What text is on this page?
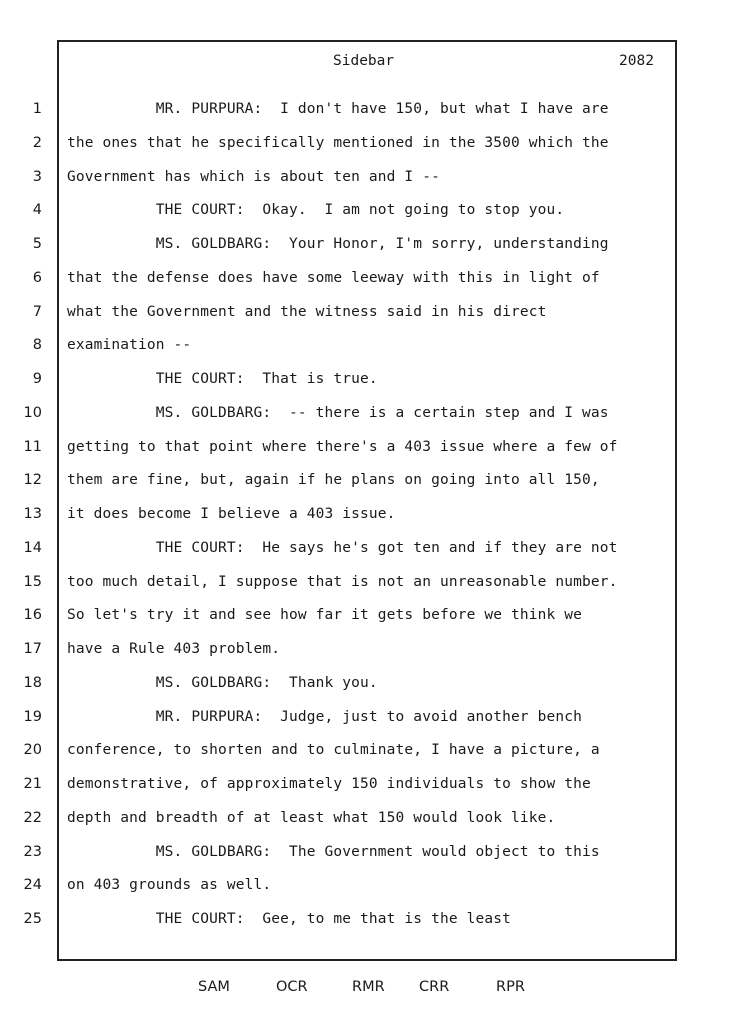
Sidebar	2082
1 MR. PURPURA:  I don't have 150, but what I have are
2 the ones that he specifically mentioned in the 3500 which the
3 Government has which is about ten and I --
4 THE COURT:  Okay.  I am not going to stop you.
5 MS. GOLDBARG:  Your Honor, I'm sorry, understanding
6 that the defense does have some leeway with this in light of
7 what the Government and the witness said in his direct
8 examination --
9 THE COURT:  That is true.
10 MS. GOLDBARG:  -- there is a certain step and I was
11 getting to that point where there's a 403 issue where a few of
12 them are fine, but, again if he plans on going into all 150,
13 it does become I believe a 403 issue.
14 THE COURT:  He says he's got ten and if they are not
15 too much detail, I suppose that is not an unreasonable number.
16 So let's try it and see how far it gets before we think we
17 have a Rule 403 problem.
18 MS. GOLDBARG:  Thank you.
19 MR. PURPURA:  Judge, just to avoid another bench
20 conference, to shorten and to culminate, I have a picture, a
21 demonstrative, of approximately 150 individuals to show the
22 depth and breadth of at least what 150 would look like.
23 MS. GOLDBARG:  The Government would object to this
24 on 403 grounds as well.
25 THE COURT:  Gee, to me that is the least
SAM	OCR	RMR CRR	RPR
